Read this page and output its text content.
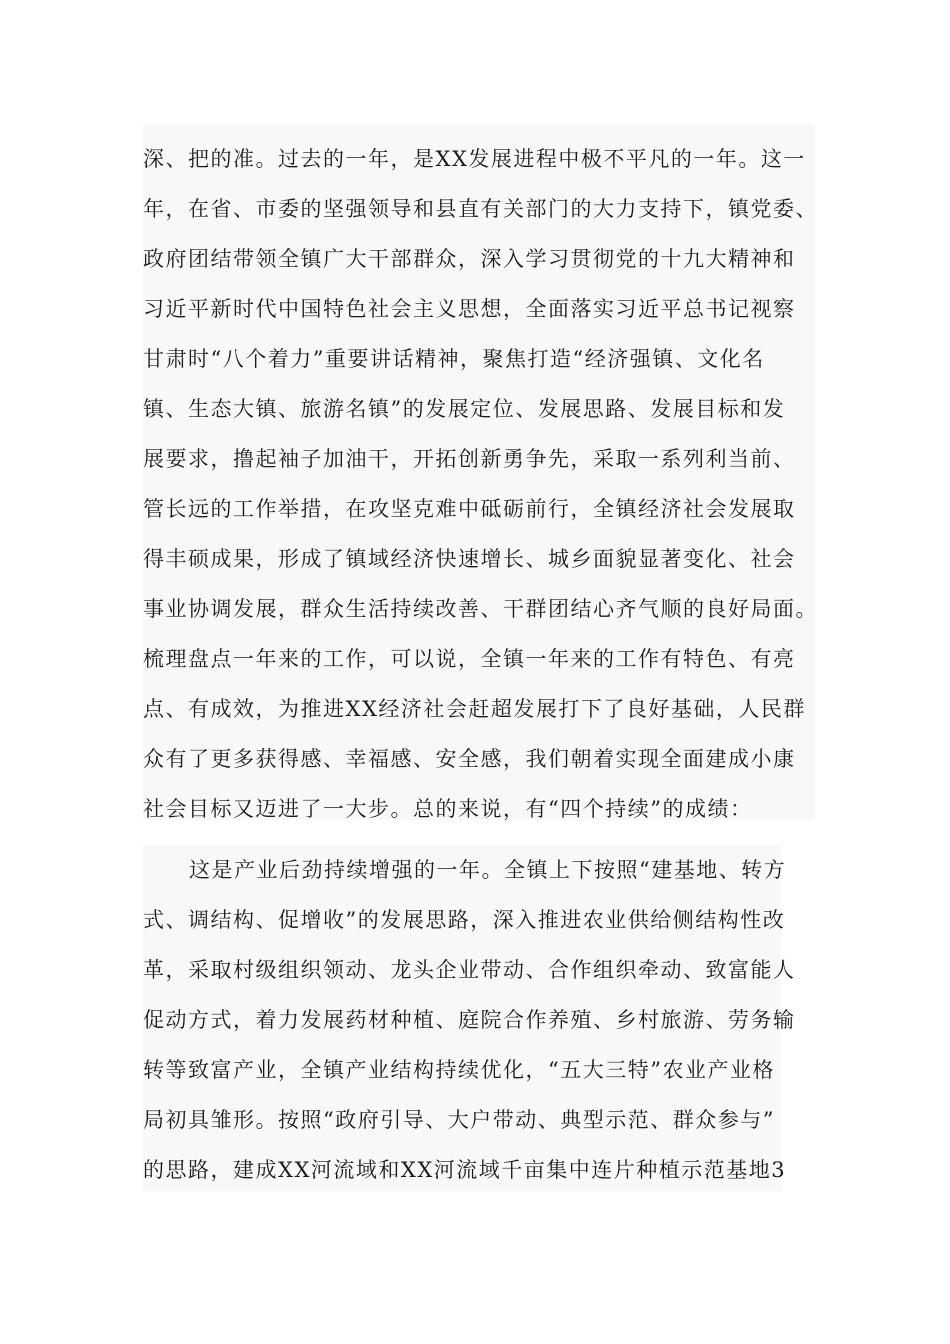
深、把的准。过去的一年，是XX发展进程中极不平凡的一年。这一
年，在省、市委的坚强领导和县直有关部门的大力支持下，镇党委、
政府团结带领全镇广大干部群众，深入学习贯彻党的十九大精神和
习近平新时代中国特色社会主义思想，全面落实习近平总书记视察
甘肃时“八个着力”重要讲话精神，聚焦打造“经济强镇、文化名
镇、生态大镇、旅游名镇”的发展定位、发展思路、发展目标和发
展要求，撸起袖子加油干，开拓创新勇争先，采取一系列利当前、
管长远的工作举措，在攻坚克难中砥砺前行，全镇经济社会发展取
得丰硕成果，形成了镇域经济快速增长、城乡面貌显著变化、社会
事业协调发展，群众生活持续改善、干群团结心齐气顺的良好局面。
梳理盘点一年来的工作，可以说，全镇一年来的工作有特色、有亮
点、有成效，为推进XX经济社会赶超发展打下了良好基础，人民群
众有了更多获得感、幸福感、安全感，我们朝着实现全面建成小康
社会目标又迈进了一大步。总的来说，有“四个持续”的成绩：
这是产业后劲持续增强的一年。全镇上下按照“建基地、转方
式、调结构、促增收”的发展思路，深入推进农业供给侧结构性改
革，采取村级组织领动、龙头企业带动、合作组织牵动、致富能人
促动方式，着力发展药材种植、庭院合作养殖、乡村旅游、劳务输
转等致富产业，全镇产业结构持续优化，“五大三特”农业产业格
局初具雏形。按照“政府引导、大户带动、典型示范、群众参与”
的思路，建成XX河流域和XX河流域千亩集中连片种植示范基地3
